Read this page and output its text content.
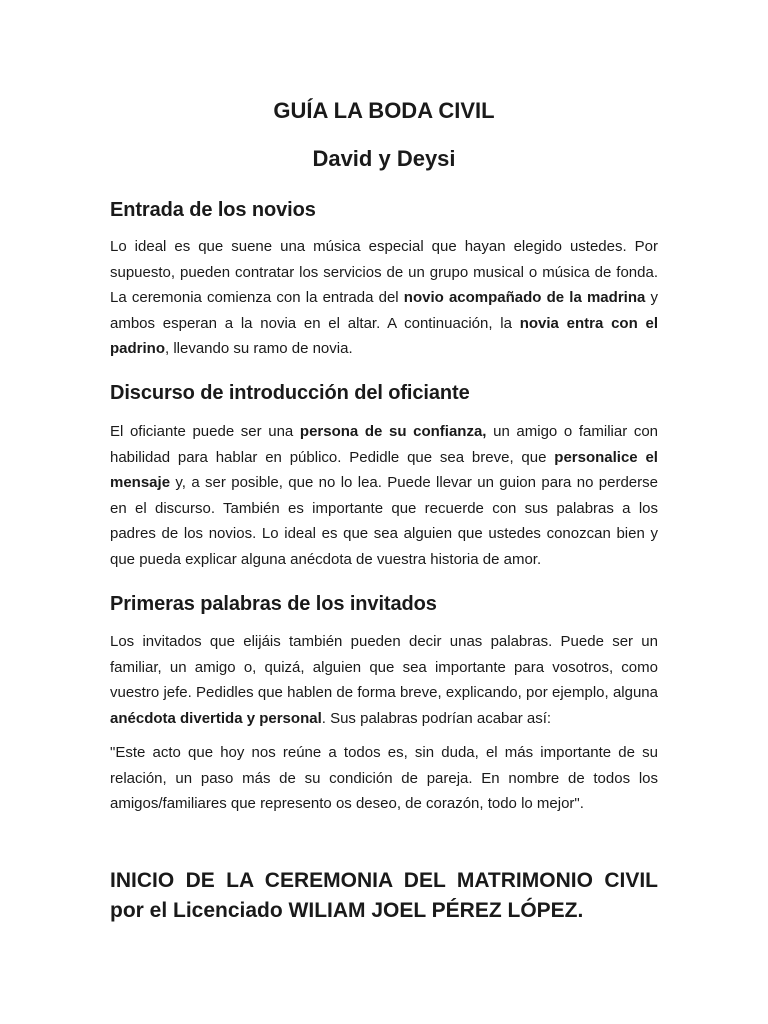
GUÍA LA BODA CIVIL
David y Deysi
Entrada de los novios

Lo ideal es que suene una música especial que hayan elegido ustedes. Por supuesto, pueden contratar los servicios de un grupo musical o música de fonda. La ceremonia comienza con la entrada del novio acompañado de la madrina y ambos esperan a la novia en el altar. A continuación, la novia entra con el padrino, llevando su ramo de novia.

Discurso de introducción del oficiante

El oficiante puede ser una persona de su confianza, un amigo o familiar con habilidad para hablar en público. Pedidle que sea breve, que personalice el mensaje y, a ser posible, que no lo lea. Puede llevar un guion para no perderse en el discurso. También es importante que recuerde con sus palabras a los padres de los novios. Lo ideal es que sea alguien que ustedes conozcan bien y que pueda explicar alguna anécdota de vuestra historia de amor.

Primeras palabras de los invitados

Los invitados que elijáis también pueden decir unas palabras. Puede ser un familiar, un amigo o, quizá, alguien que sea importante para vosotros, como vuestro jefe. Pedidles que hablen de forma breve, explicando, por ejemplo, alguna anécdota divertida y personal. Sus palabras podrían acabar así:

"Este acto que hoy nos reúne a todos es, sin duda, el más importante de su relación, un paso más de su condición de pareja. En nombre de todos los amigos/familiares que represento os deseo, de corazón, todo lo mejor".

INICIO DE LA CEREMONIA DEL MATRIMONIO CIVIL
por el Licenciado WILIAM JOEL PÉREZ LÓPEZ.
